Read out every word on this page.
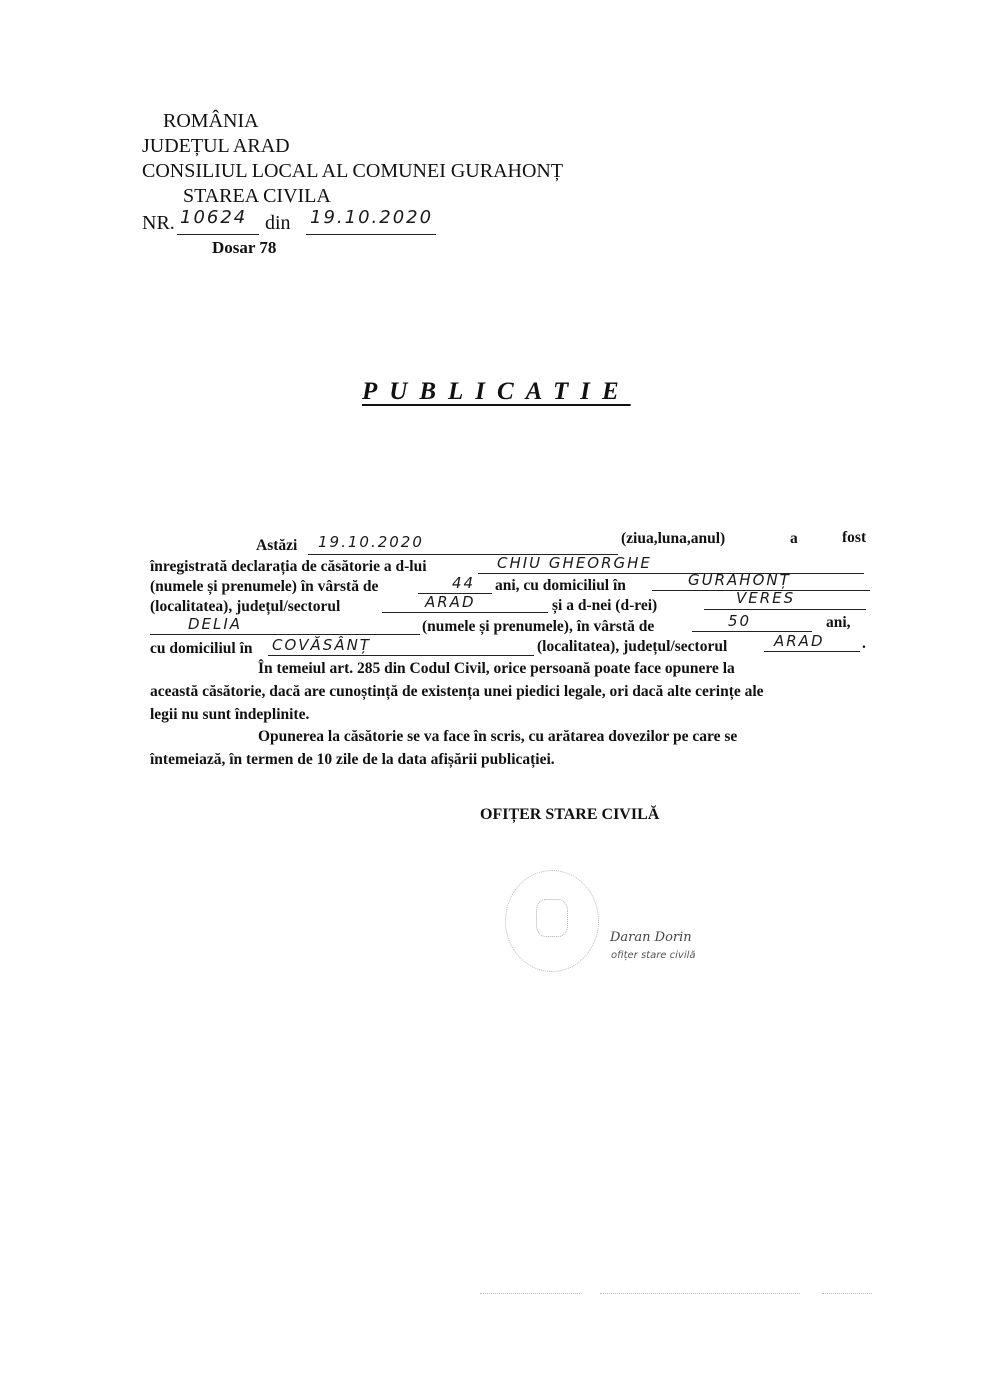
ROMÂNIA
JUDEȚUL ARAD
CONSILIUL LOCAL AL COMUNEI GURAHONȚ
STAREA CIVILA
NR. 10624 din 19.10.2020
Dosar 78
PUBLICATIE
Astăzi 19.10.2020	(ziua,luna,anul)	a	fost
înregistrată declarația de căsătorie a d-lui	CHIU GHEORGHE
(numele și prenumele) în vârstă de	44 ani, cu domiciliul în	GURAHONȚ
(localitatea), județul/sectorul	ARAD	și a d-nei (d-rei)	VERES
DELIA	(numele și prenumele), în vârstă de	50	ani,
cu domiciliul în COVĂSÂNȚ	(localitatea), județul/sectorul	ARAD .
În temeiul art. 285 din Codul Civil, orice persoană poate face opunere la
această căsătorie, dacă are cunoștință de existența unei piedici legale, ori dacă alte cerințe ale
legii nu sunt îndeplinite.
Opunerea la căsătorie se va face în scris, cu arătarea dovezilor pe care se
întemeiază, în termen de 10 zile de la data afișării publicației.
OFIȚER STARE CIVILĂ
Daran Dorin
ofițer stare civilă
